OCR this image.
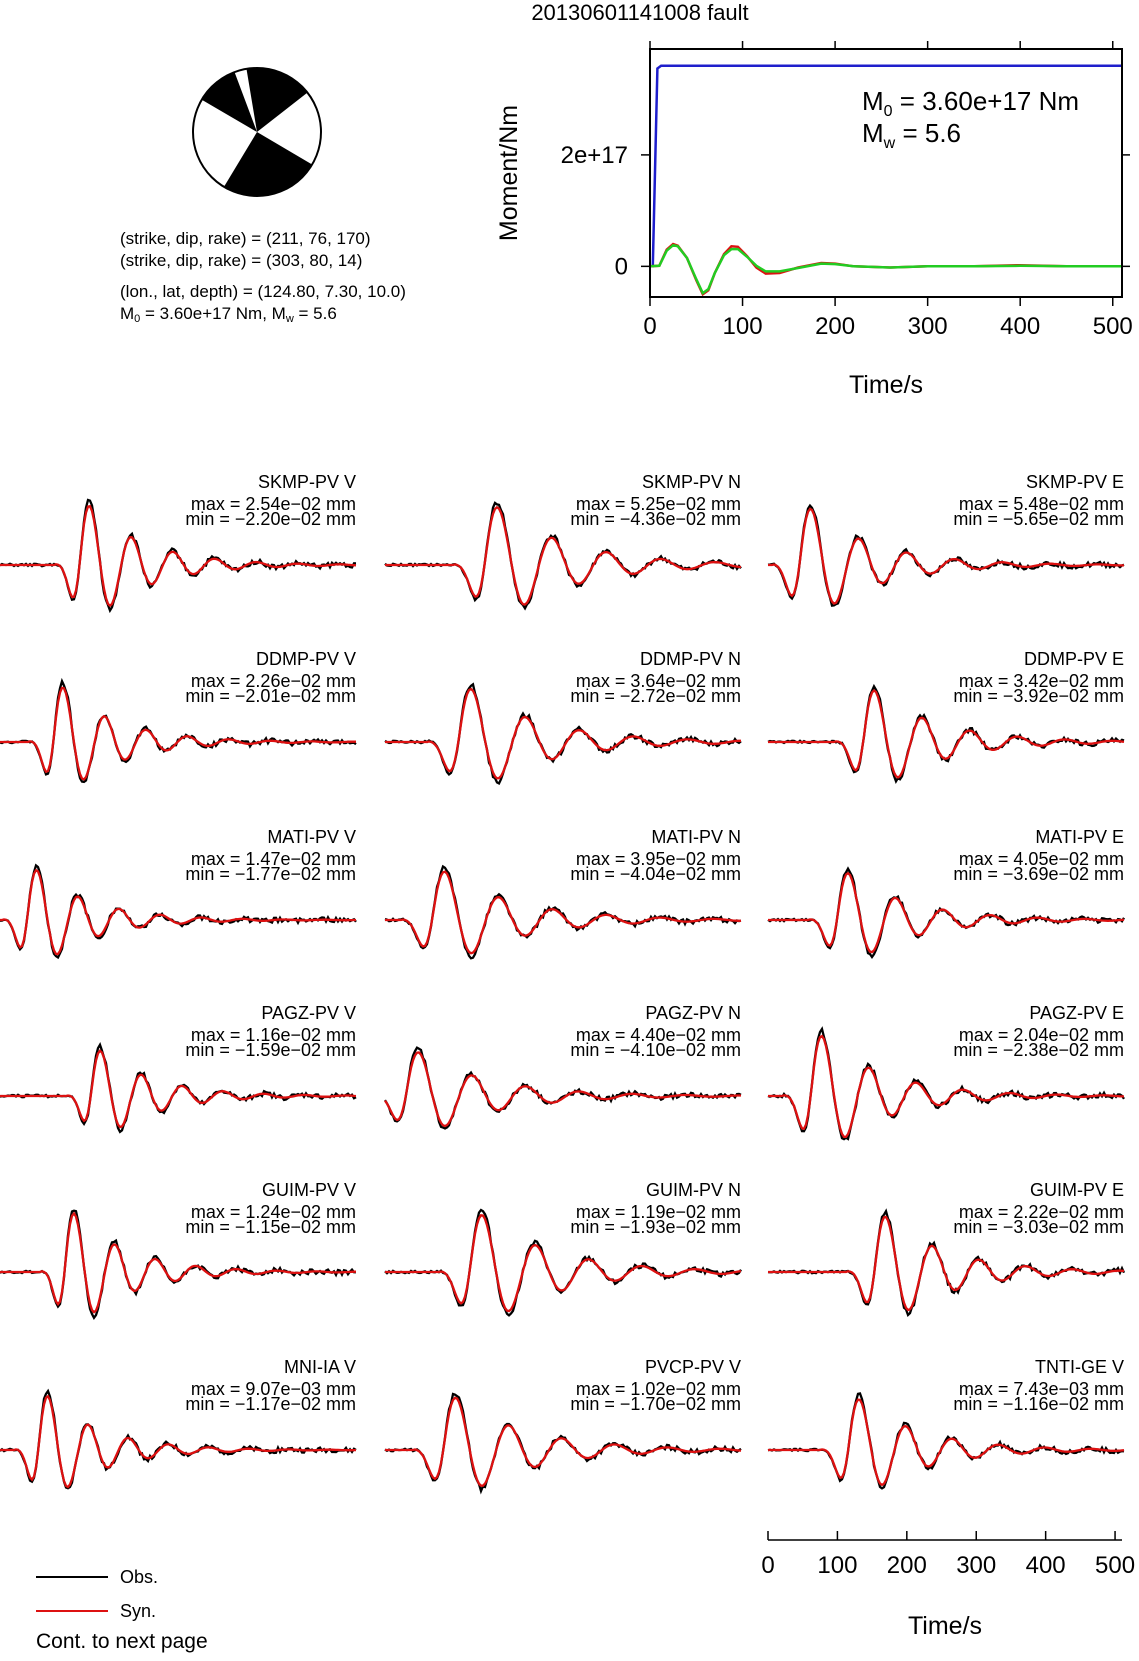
20130601141008 fault
(strike, dip, rake) = (211, 76, 170)
(strike, dip, rake) = (303, 80, 14)
(lon., lat, depth) = (124.80, 7.30, 10.0)
$M_0 = 3.60e+17$ Nm, $M_w = 5.6$	0	100 200 300 400 500
0
2e+17
Time/s
Moment/Nm
$M_0 = 3.60e+17$ Nm
$M_w = 5.6$
SKMP-PV V
max = 2.54e−02 mm
min = −2.20e−02 mm
SKMP-PV N
max = 5.25e−02 mm
min = −4.36e−02 mm
SKMP-PV E
max = 5.48e−02 mm
min = −5.65e−02 mm
DDMP-PV V
max = 2.26e−02 mm
min = −2.01e−02 mm
DDMP-PV N
max = 3.64e−02 mm
min = −2.72e−02 mm
DDMP-PV E
max = 3.42e−02 mm
min = −3.92e−02 mm
MATI-PV V
max = 1.47e−02 mm
min = −1.77e−02 mm
MATI-PV N
max = 3.95e−02 mm
min = −4.04e−02 mm
MATI-PV E
max = 4.05e−02 mm
min = −3.69e−02 mm
PAGZ-PV V
max = 1.16e−02 mm
min = −1.59e−02 mm
PAGZ-PV N
max = 4.40e−02 mm
min = −4.10e−02 mm
PAGZ-PV E
max = 2.04e−02 mm
min = −2.38e−02 mm
GUIM-PV V
max = 1.24e−02 mm
min = −1.15e−02 mm
GUIM-PV N
max = 1.19e−02 mm
min = −1.93e−02 mm
GUIM-PV E
max = 2.22e−02 mm
min = −3.03e−02 mm
MNI-IA V
max = 9.07e−03 mm
min = −1.17e−02 mm
PVCP-PV V
max = 1.02e−02 mm
min = −1.70e−02 mm
TNTI-GE V
max = 7.43e−03 mm
min = −1.16e−02 mm
0 100 200 300 400 500
Time/s
Obs.
Syn.
Cont. to next page
